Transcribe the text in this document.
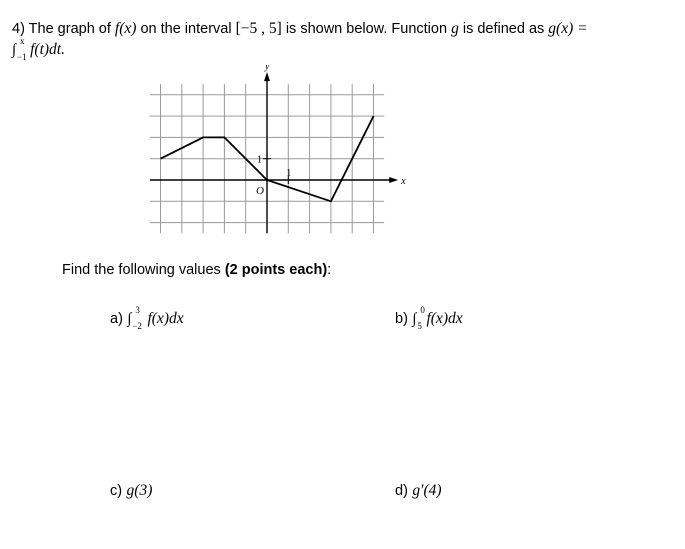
4) The graph of f(x) on the interval [−5 , 5] is shown below. Function g is defined as g(x) =
∫
x
−1 f(t)dt.
y
x
1
1
O
Find the following values (2 points each):
a) ∫
3
−2 f(x)dx	b) ∫
0
5 f(x)dx
c) g(3)	d) g′(4)
